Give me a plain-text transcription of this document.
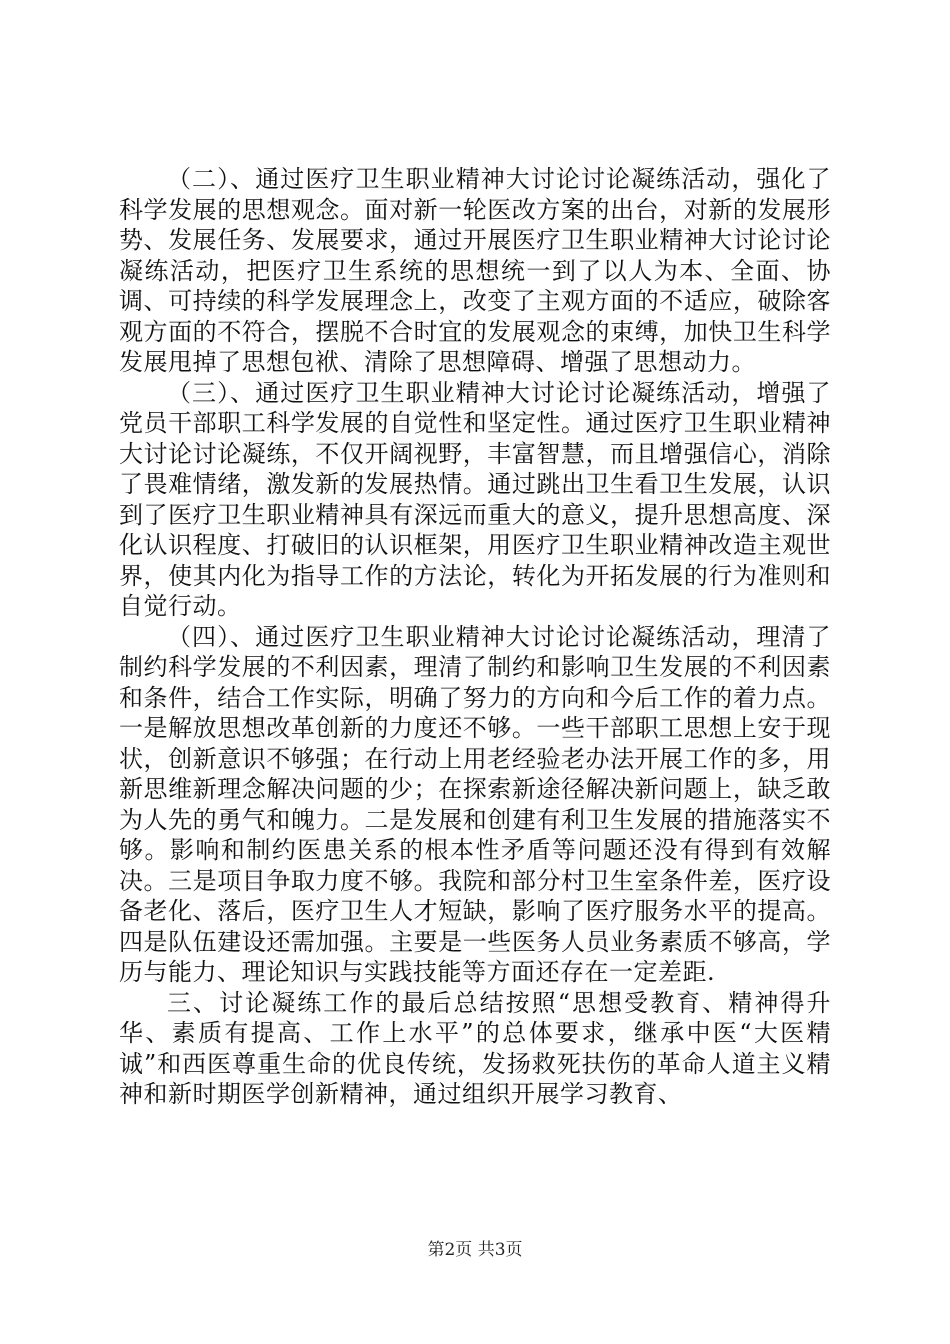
（二）、通过医疗卫生职业精神大讨论讨论凝练活动，强化了科学发展的思想观念。面对新一轮医改方案的出台，对新的发展形势、发展任务、发展要求，通过开展医疗卫生职业精神大讨论讨论凝练活动，把医疗卫生系统的思想统一到了以人为本、全面、协调、可持续的科学发展理念上，改变了主观方面的不适应，破除客观方面的不符合，摆脱不合时宜的发展观念的束缚，加快卫生科学发展甩掉了思想包袱、清除了思想障碍、增强了思想动力。

（三）、通过医疗卫生职业精神大讨论讨论凝练活动，增强了党员干部职工科学发展的自觉性和坚定性。通过医疗卫生职业精神大讨论讨论凝练，不仅开阔视野，丰富智慧，而且增强信心，消除了畏难情绪，激发新的发展热情。通过跳出卫生看卫生发展，认识到了医疗卫生职业精神具有深远而重大的意义，提升思想高度、深化认识程度、打破旧的认识框架，用医疗卫生职业精神改造主观世界，使其内化为指导工作的方法论，转化为开拓发展的行为准则和自觉行动。

（四）、通过医疗卫生职业精神大讨论讨论凝练活动，理清了制约科学发展的不利因素，理清了制约和影响卫生发展的不利因素和条件，结合工作实际，明确了努力的方向和今后工作的着力点。一是解放思想改革创新的力度还不够。一些干部职工思想上安于现状，创新意识不够强；在行动上用老经验老办法开展工作的多，用新思维新理念解决问题的少；在探索新途径解决新问题上，缺乏敢为人先的勇气和魄力。二是发展和创建有利卫生发展的措施落实不够。影响和制约医患关系的根本性矛盾等问题还没有得到有效解决。三是项目争取力度不够。我院和部分村卫生室条件差，医疗设备老化、落后，医疗卫生人才短缺，影响了医疗服务水平的提高。四是队伍建设还需加强。主要是一些医务人员业务素质不够高，学历与能力、理论知识与实践技能等方面还存在一定差距.

三、讨论凝练工作的最后总结按照“思想受教育、精神得升华、素质有提高、工作上水平”的总体要求，继承中医“大医精诚”和西医尊重生命的优良传统，发扬救死扶伤的革命人道主义精神和新时期医学创新精神，通过组织开展学习教育、

第2页 共3页
